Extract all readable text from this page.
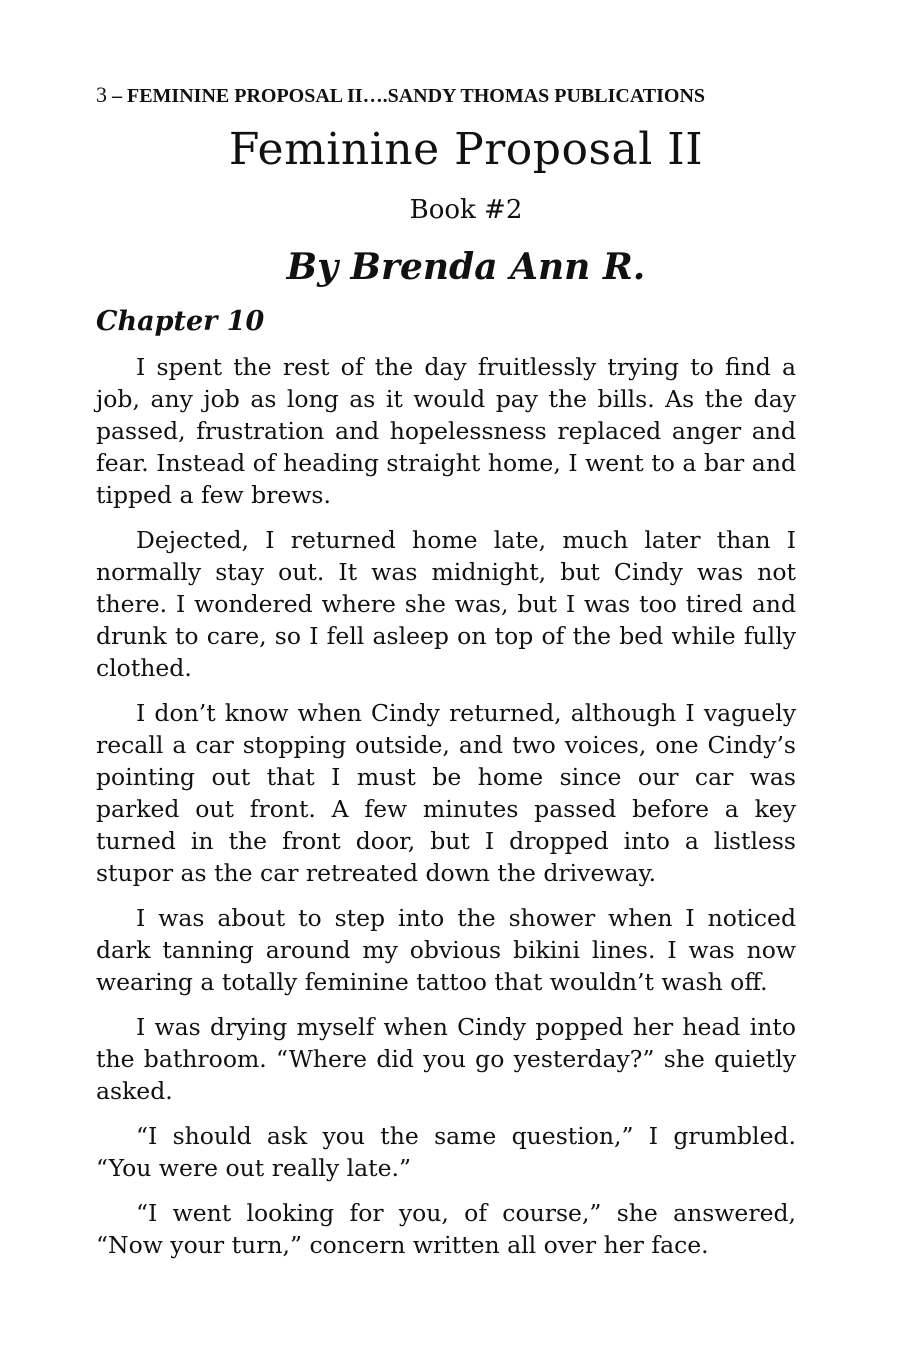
3 – FEMININE PROPOSAL II….SANDY THOMAS PUBLICATIONS
Feminine Proposal II
Book #2
By Brenda Ann R.
Chapter 10

I spent the rest of the day fruitlessly trying to find a job, any job as long as it would pay the bills. As the day passed, frustration and hopelessness replaced anger and fear. Instead of heading straight home, I went to a bar and tipped a few brews.

Dejected, I returned home late, much later than I normally stay out. It was midnight, but Cindy was not there. I wondered where she was, but I was too tired and drunk to care, so I fell asleep on top of the bed while fully clothed.

I don’t know when Cindy returned, although I vaguely recall a car stopping outside, and two voices, one Cindy’s pointing out that I must be home since our car was parked out front. A few minutes passed before a key turned in the front door, but I dropped into a listless stupor as the car retreated down the driveway.

I was about to step into the shower when I noticed dark tanning around my obvious bikini lines. I was now wearing a totally feminine tattoo that wouldn’t wash off.

I was drying myself when Cindy popped her head into the bathroom. “Where did you go yesterday?” she quietly asked.

“I should ask you the same question,” I grumbled. “You were out really late.”

“I went looking for you, of course,” she answered, “Now your turn,” concern written all over her face.
